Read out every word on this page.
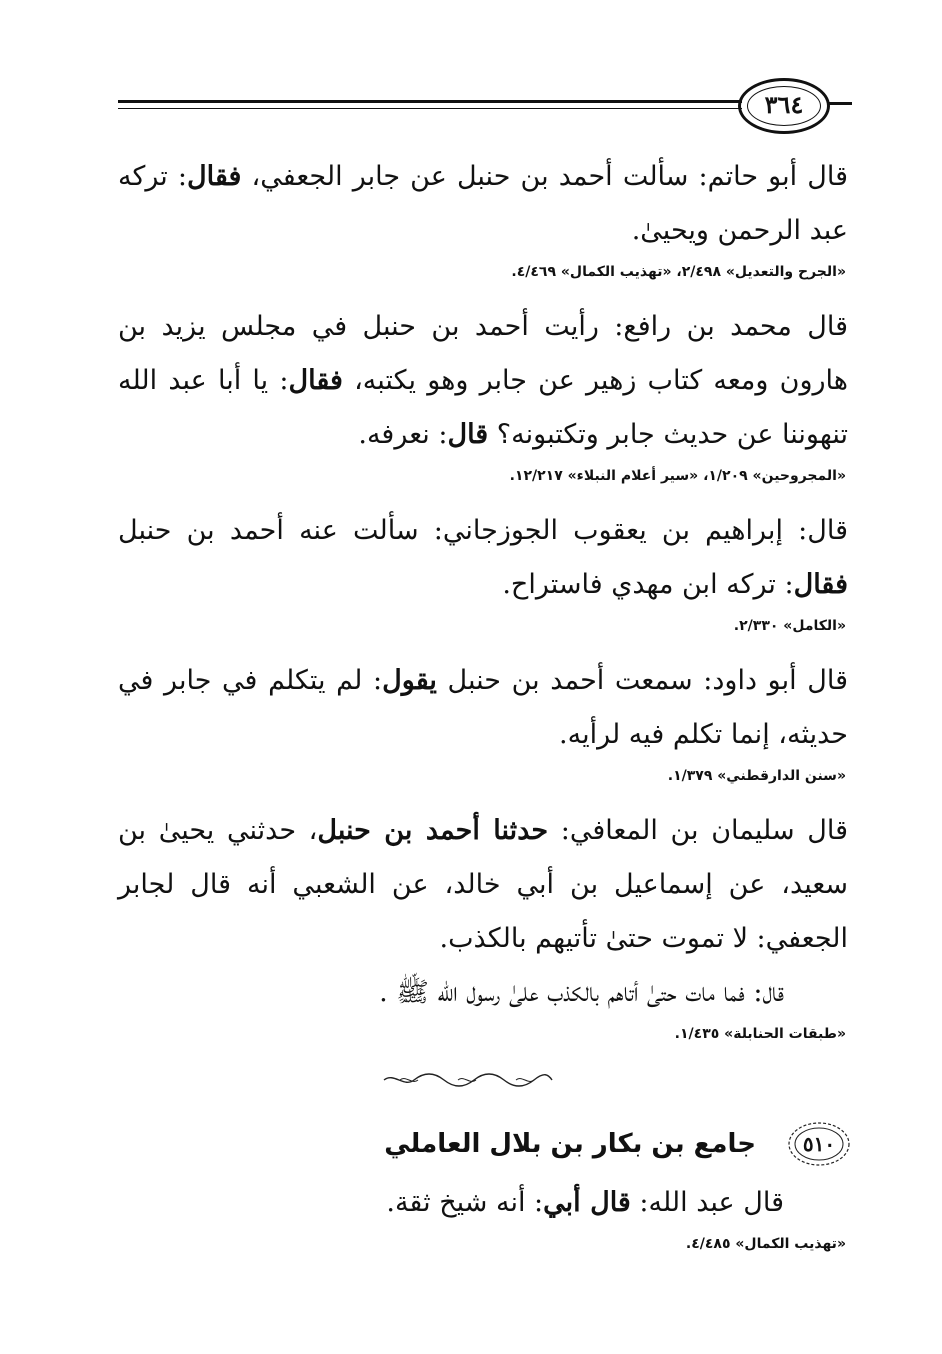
٣٦٤

قال أبو حاتم: سألت أحمد بن حنبل عن جابر الجعفي، فقال: تركه عبد الرحمن ويحيىٰ.

«الجرح والتعديل» ٢/٤٩٨، «تهذيب الكمال» ٤/٤٦٩.

قال محمد بن رافع: رأيت أحمد بن حنبل في مجلس يزيد بن هارون ومعه كتاب زهير عن جابر وهو يكتبه، فقال: يا أبا عبد الله تنهوننا عن حديث جابر وتكتبونه؟ قال: نعرفه.

«المجروحين» ١/٢٠٩، «سير أعلام النبلاء» ١٢/٢١٧.

قال: إبراهيم بن يعقوب الجوزجاني: سألت عنه أحمد بن حنبل فقال: تركه ابن مهدي فاستراح.

«الكامل» ٢/٣٣٠.

قال أبو داود: سمعت أحمد بن حنبل يقول: لم يتكلم في جابر في حديثه، إنما تكلم فيه لرأيه.

«سنن الدارقطني» ١/٣٧٩.

قال سليمان بن المعافي: حدثنا أحمد بن حنبل، حدثني يحيىٰ بن سعيد، عن إسماعيل بن أبي خالد، عن الشعبي أنه قال لجابر الجعفي: لا تموت حتىٰ تأتيهم بالكذب.

قال: فما مات حتىٰ أتاهم بالكذب علىٰ رسول الله ﷺ .

«طبقات الحنابلة» ١/٤٣٥.
٥١٠
جامع بن بكار بن بلال العاملي

قال عبد الله: قال أبي: أنه شيخ ثقة.

«تهذيب الكمال» ٤/٤٨٥.
